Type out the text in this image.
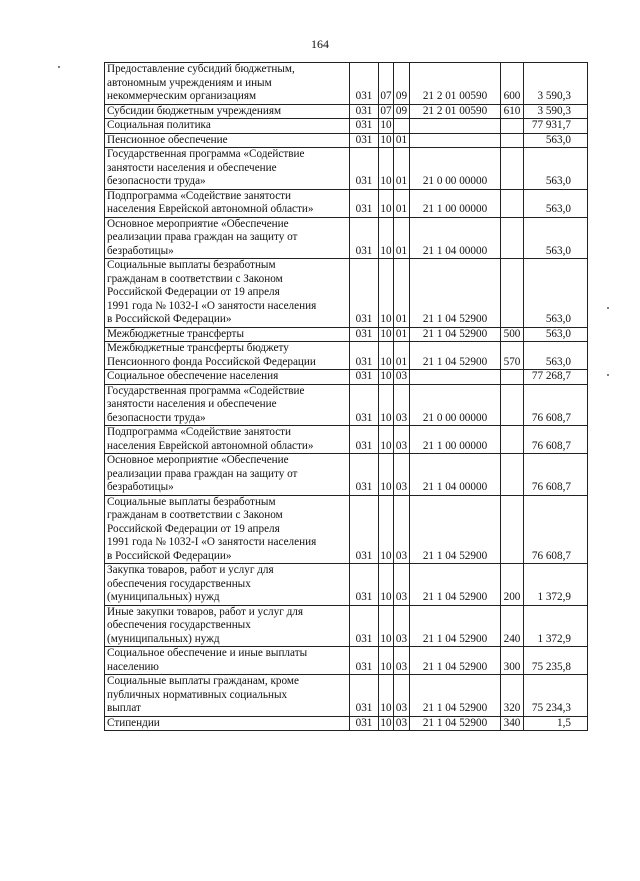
164
Предоставление субсидий бюджетным,
автономным учреждениям и иным
некоммерческим организациям	031	07	09	21 2 01 00590	600	3 590,3

Субсидии бюджетным учреждениям	031	07	09	21 2 01 00590	610	3 590,3

Социальная политика	031	10				77 931,7

Пенсионное обеспечение	031	10	01			563,0

Государственная программа «Содействие
занятости населения и обеспечение
безопасности труда»	031	10	01	21 0 00 00000		563,0

Подпрограмма «Содействие занятости
населения Еврейской автономной области»	031	10	01	21 1 00 00000		563,0

Основное мероприятие «Обеспечение
реализации права граждан на защиту от
безработицы»	031	10	01	21 1 04 00000		563,0

Социальные выплаты безработным
гражданам в соответствии с Законом
Российской Федерации от 19 апреля
1991 года № 1032-I «О занятости населения
в Российской Федерации»	031	10	01	21 1 04 52900		563,0

Межбюджетные трансферты	031	10	01	21 1 04 52900	500	563,0

Межбюджетные трансферты бюджету
Пенсионного фонда Российской Федерации	031	10	01	21 1 04 52900	570	563,0

Социальное обеспечение населения	031	10	03			77 268,7

Государственная программа «Содействие
занятости населения и обеспечение
безопасности труда»	031	10	03	21 0 00 00000		76 608,7

Подпрограмма «Содействие занятости
населения Еврейской автономной области»	031	10	03	21 1 00 00000		76 608,7

Основное мероприятие «Обеспечение
реализации права граждан на защиту от
безработицы»	031	10	03	21 1 04 00000		76 608,7

Социальные выплаты безработным
гражданам в соответствии с Законом
Российской Федерации от 19 апреля
1991 года № 1032-I «О занятости населения
в Российской Федерации»	031	10	03	21 1 04 52900		76 608,7

Закупка товаров, работ и услуг для
обеспечения государственных
(муниципальных) нужд	031	10	03	21 1 04 52900	200	1 372,9

Иные закупки товаров, работ и услуг для
обеспечения государственных
(муниципальных) нужд	031	10	03	21 1 04 52900	240	1 372,9

Социальное обеспечение и иные выплаты
населению	031	10	03	21 1 04 52900	300	75 235,8

Социальные выплаты гражданам, кроме
публичных нормативных социальных
выплат	031	10	03	21 1 04 52900	320	75 234,3

Стипендии	031	10	03	21 1 04 52900	340	1,5
